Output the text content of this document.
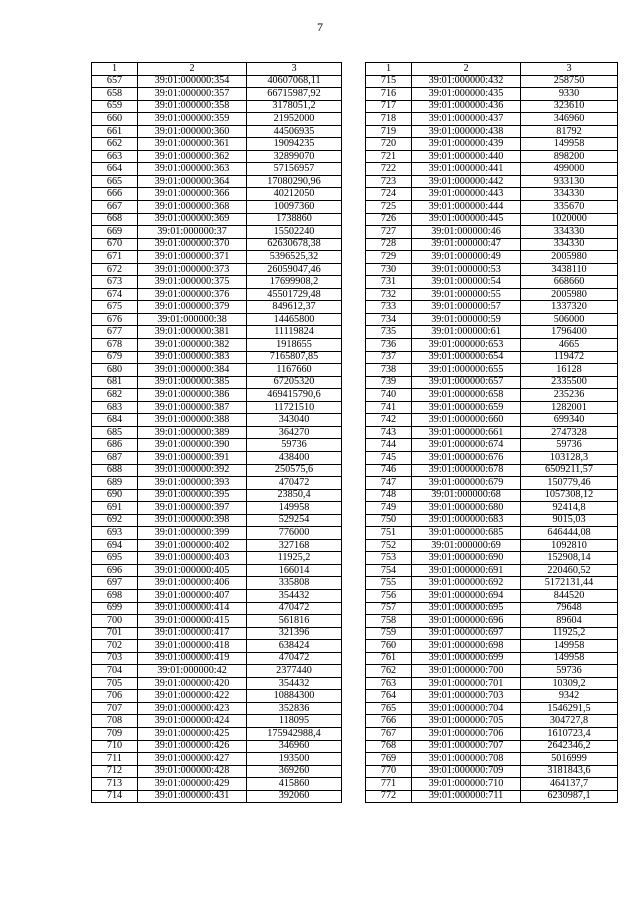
7
1	2	3
657	39:01:000000:354	40607068,11
658	39:01:000000:357	66715987,92
659	39:01:000000:358	3178051,2
660	39:01:000000:359	21952000
661	39:01:000000:360	44506935
662	39:01:000000:361	19094235
663	39:01:000000:362	32899070
664	39:01:000000:363	57156957
665	39:01:000000:364	17080290,96
666	39:01:000000:366	40212050
667	39:01:000000:368	10097360
668	39:01:000000:369	1738860
669	39:01:000000:37	15502240
670	39:01:000000:370	62630678,38
671	39:01:000000:371	5396525,32
672	39:01:000000:373	26059047,46
673	39:01:000000:375	17699908,2
674	39:01:000000:376	45501729,48
675	39:01:000000:379	849612,37
676	39:01:000000:38	14465800
677	39:01:000000:381	11119824
678	39:01:000000:382	1918655
679	39:01:000000:383	7165807,85
680	39:01:000000:384	1167660
681	39:01:000000:385	67205320
682	39:01:000000:386	469415790,6
683	39:01:000000:387	11721510
684	39:01:000000:388	343040
685	39:01:000000:389	364270
686	39:01:000000:390	59736
687	39:01:000000:391	438400
688	39:01:000000:392	250575,6
689	39:01:000000:393	470472
690	39:01:000000:395	23850,4
691	39:01:000000:397	149958
692	39:01:000000:398	529254
693	39:01:000000:399	776000
694	39:01:000000:402	327168
695	39:01:000000:403	11925,2
696	39:01:000000:405	166014
697	39:01:000000:406	335808
698	39:01:000000:407	354432
699	39:01:000000:414	470472
700	39:01:000000:415	561816
701	39:01:000000:417	321396
702	39:01:000000:418	638424
703	39:01:000000:419	470472
704	39:01:000000:42	2377440
705	39:01:000000:420	354432
706	39:01:000000:422	10884300
707	39:01:000000:423	352836
708	39:01:000000:424	118095
709	39:01:000000:425	175942988,4
710	39:01:000000:426	346960
711	39:01:000000:427	193500
712	39:01:000000:428	369260
713	39:01:000000:429	415860
714	39:01:000000:431	392060
1	2	3
715	39:01:000000:432	258750
716	39:01:000000:435	9330
717	39:01:000000:436	323610
718	39:01:000000:437	346960
719	39:01:000000:438	81792
720	39:01:000000:439	149958
721	39:01:000000:440	898200
722	39:01:000000:441	499000
723	39:01:000000:442	933130
724	39:01:000000:443	334330
725	39:01:000000:444	335670
726	39:01:000000:445	1020000
727	39:01:000000:46	334330
728	39:01:000000:47	334330
729	39:01:000000:49	2005980
730	39:01:000000:53	3438110
731	39:01:000000:54	668660
732	39:01:000000:55	2005980
733	39:01:000000:57	1337320
734	39:01:000000:59	506000
735	39:01:000000:61	1796400
736	39:01:000000:653	4665
737	39:01:000000:654	119472
738	39:01:000000:655	16128
739	39:01:000000:657	2335500
740	39:01:000000:658	235236
741	39:01:000000:659	1282001
742	39:01:000000:660	699340
743	39:01:000000:661	2747328
744	39:01:000000:674	59736
745	39:01:000000:676	103128,3
746	39:01:000000:678	6509211,57
747	39:01:000000:679	150779,46
748	39:01:000000:68	1057308,12
749	39:01:000000:680	92414,8
750	39:01:000000:683	9015,03
751	39:01:000000:685	646444,08
752	39:01:000000:69	1092810
753	39:01:000000:690	152908,14
754	39:01:000000:691	220460,52
755	39:01:000000:692	5172131,44
756	39:01:000000:694	844520
757	39:01:000000:695	79648
758	39:01:000000:696	89604
759	39:01:000000:697	11925,2
760	39:01:000000:698	149958
761	39:01:000000:699	149958
762	39:01:000000:700	59736
763	39:01:000000:701	10309,2
764	39:01:000000:703	9342
765	39:01:000000:704	1546291,5
766	39:01:000000:705	304727,8
767	39:01:000000:706	1610723,4
768	39:01:000000:707	2642346,2
769	39:01:000000:708	5016999
770	39:01:000000:709	3181843,6
771	39:01:000000:710	464137,7
772	39:01:000000:711	6230987,1
